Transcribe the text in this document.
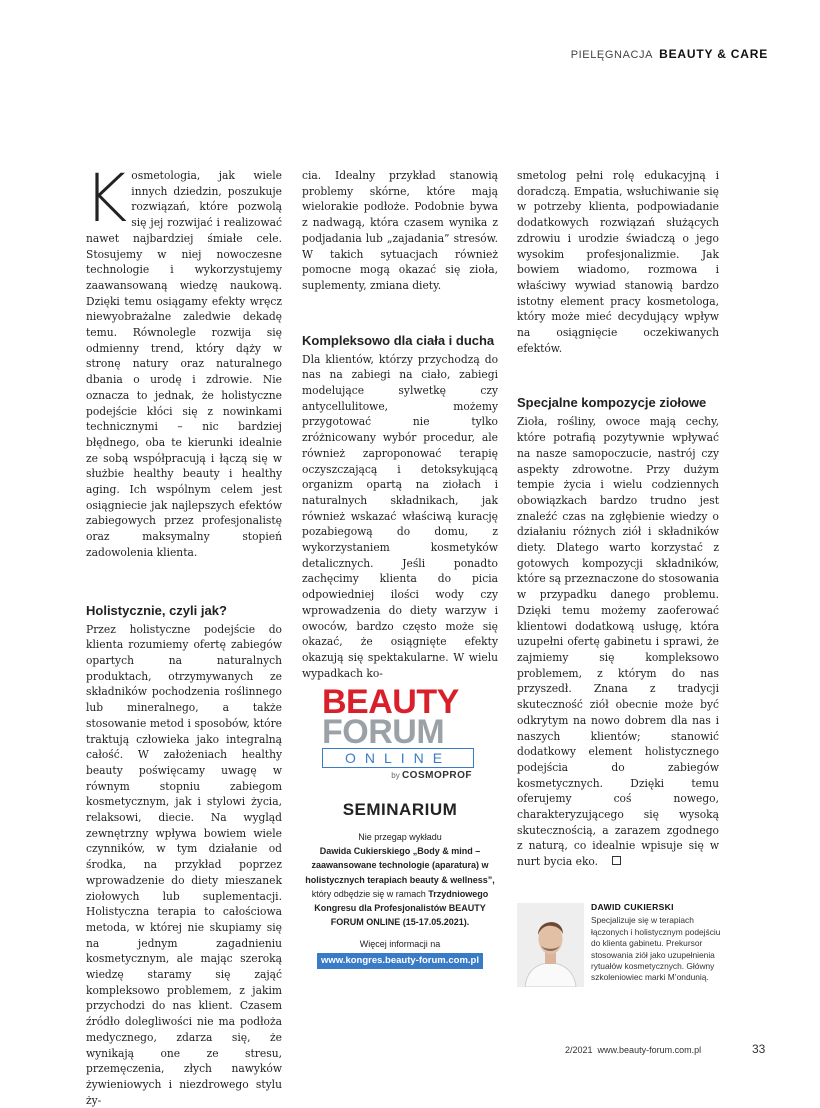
PIELĘGNACJA BEAUTY & CARE

Kosmetologia, jak wiele innych dziedzin, poszukuje rozwiązań, które pozwolą się jej rozwijać i realizować nawet najbardziej śmiałe cele. Stosujemy w niej nowoczesne technologie i wykorzystujemy zaawansowaną wiedzę naukową. Dzięki temu osiągamy efekty wręcz niewyobrażalne zaledwie dekadę temu. Równolegle rozwija się odmienny trend, który dąży w stronę natury oraz naturalnego dbania o urodę i zdrowie. Nie oznacza to jednak, że holistyczne podejście kłóci się z nowinkami technicznymi – nic bardziej błędnego, oba te kierunki idealnie ze sobą współpracują i łączą się w służbie healthy beauty i healthy aging. Ich wspólnym celem jest osiągniecie jak najlepszych efektów zabiegowych przez profesjonalistę oraz maksymalny stopień zadowolenia klienta.

Holistycznie, czyli jak?

Przez holistyczne podejście do klienta rozumiemy ofertę zabiegów opartych na naturalnych produktach, otrzymywanych ze składników pochodzenia roślinnego lub mineralnego, a także stosowanie metod i sposobów, które traktują człowieka jako integralną całość. W założeniach healthy beauty poświęcamy uwagę w równym stopniu zabiegom kosmetycznym, jak i stylowi życia, relaksowi, diecie. Na wygląd zewnętrzny wpływa bowiem wiele czynników, w tym działanie od środka, na przykład poprzez wprowadzenie do diety mieszanek ziołowych lub suplementacji. Holistyczna terapia to całościowa metoda, w której nie skupiamy się na jednym zagadnieniu kosmetycznym, ale mając szeroką wiedzę staramy się zająć kompleksowo problemem, z jakim przychodzi do nas klient. Czasem źródło dolegliwości nie ma podłoża medycznego, zdarza się, że wynikają one ze stresu, przemęczenia, złych nawyków żywieniowych i niezdrowego stylu ży-

cia. Idealny przykład stanowią problemy skórne, które mają wielorakie podłoże. Podobnie bywa z nadwagą, która czasem wynika z podjadania lub „zajadania” stresów. W takich sytuacjach również pomocne mogą okazać się zioła, suplementy, zmiana diety.

Kompleksowo dla ciała i ducha

Dla klientów, którzy przychodzą do nas na zabiegi na ciało, zabiegi modelujące sylwetkę czy antycellulitowe, możemy przygotować nie tylko zróżnicowany wybór procedur, ale również zaproponować terapię oczyszczającą i detoksykującą organizm opartą na ziołach i naturalnych składnikach, jak również wskazać właściwą kurację pozabiegową do domu, z wykorzystaniem kosmetyków detalicznych. Jeśli ponadto zachęcimy klienta do picia odpowiedniej ilości wody czy wprowadzenia do diety warzyw i owoców, bardzo często może się okazać, że osiągnięte efekty okazują się spektakularne. W wielu wypadkach ko-

smetolog pełni rolę edukacyjną i doradczą. Empatia, wsłuchiwanie się w potrzeby klienta, podpowiadanie dodatkowych rozwiązań służących zdrowiu i urodzie świadczą o jego wysokim profesjonalizmie. Jak bowiem wiadomo, rozmowa i właściwy wywiad stanowią bardzo istotny element pracy kosmetologa, który może mieć decydujący wpływ na osiągnięcie oczekiwanych efektów.

Specjalne kompozycje ziołowe

Zioła, rośliny, owoce mają cechy, które potrafią pozytywnie wpływać na nasze samopoczucie, nastrój czy aspekty zdrowotne. Przy dużym tempie życia i wielu codziennych obowiązkach bardzo trudno jest znaleźć czas na zgłębienie wiedzy o działaniu różnych ziół i składników diety. Dlatego warto korzystać z gotowych kompozycji składników, które są przeznaczone do stosowania w przypadku danego problemu. Dzięki temu możemy zaoferować klientowi dodatkową usługę, która uzupełni ofertę gabinetu i sprawi, że zajmiemy się kompleksowo problemem, z którym do nas przyszedł. Znana z tradycji skuteczność ziół obecnie może być odkrytym na nowo dobrem dla nas i naszych klientów; stanowić dodatkowy element holistycznego podejścia do zabiegów kosmetycznych. Dzięki temu oferujemy coś nowego, charakteryzującego się wysoką skutecznością, a zarazem zgodnego z naturą, co idealnie wpisuje się w nurt bycia eko.

BEAUTY
FORUM
ONLINE
by COSMOPROF
SEMINARIUM
Nie przegap wykładu
Dawida Cukierskiego „Body & mind – zaawansowane technologie (aparatura) w holistycznych terapiach beauty & wellness”, który odbędzie się w ramach Trzydniowego Kongresu dla Profesjonalistów BEAUTY FORUM ONLINE (15-17.05.2021).
Więcej informacji na
www.kongres.beauty-forum.com.pl
DAWID CUKIERSKI
Specjalizuje się w terapiach łączonych i holistycznym podejściu do klienta gabinetu. Prekursor stosowania ziół jako uzupełnienia rytuałów kosmetycznych. Główny szkoleniowiec marki M’ondunią.
2/2021 www.beauty-forum.com.pl	33
